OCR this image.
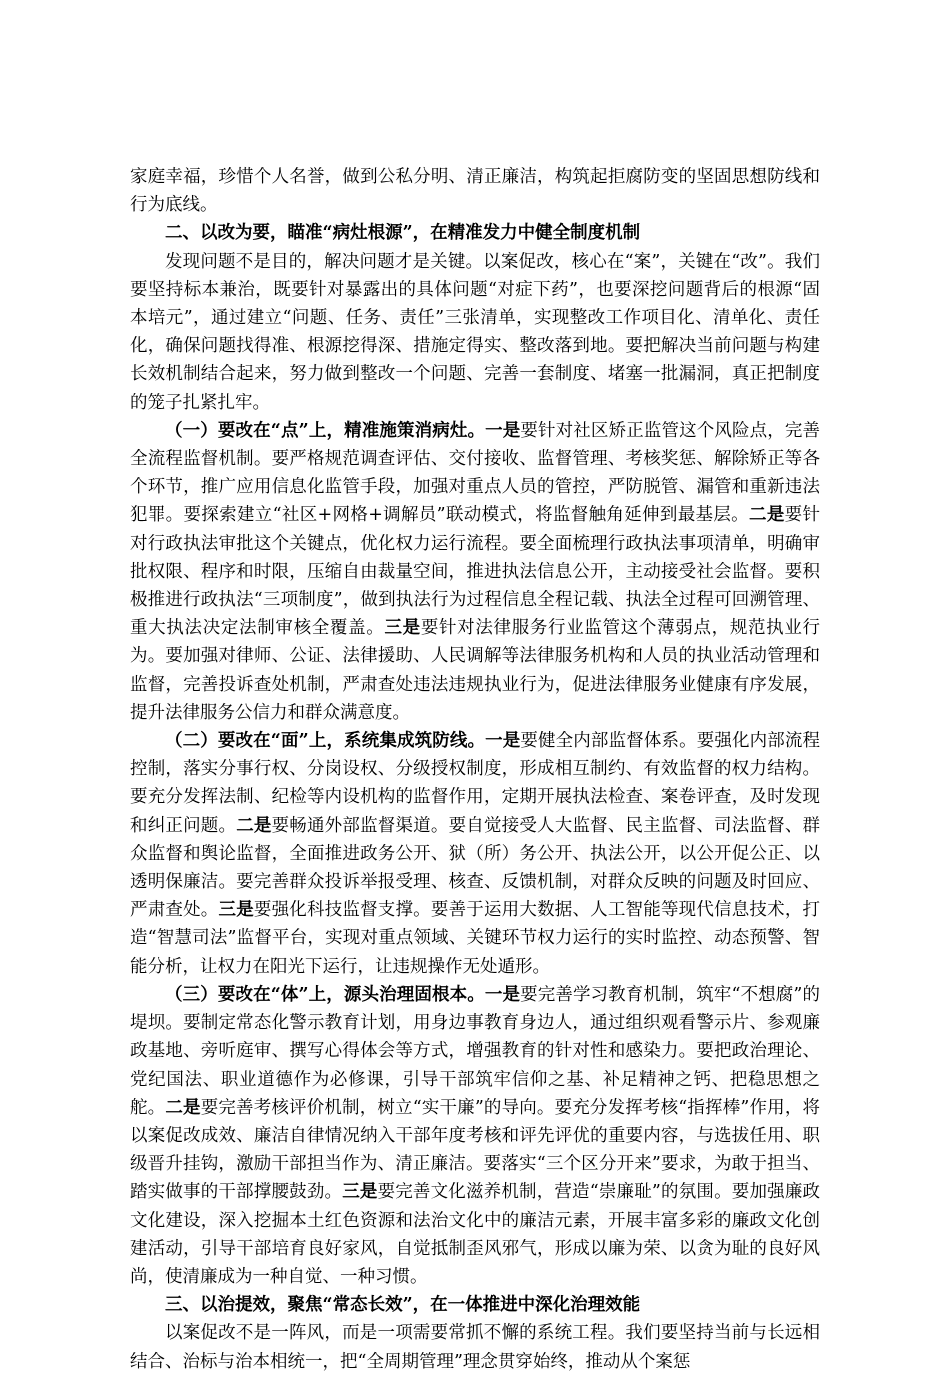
家庭幸福，珍惜个人名誉，做到公私分明、清正廉洁，构筑起拒腐防变的坚固思想防线和行为底线。

二、以改为要，瞄准“病灶根源”，在精准发力中健全制度机制

发现问题不是目的，解决问题才是关键。以案促改，核心在“案”，关键在“改”。我们要坚持标本兼治，既要针对暴露出的具体问题“对症下药”，也要深挖问题背后的根源“固本培元”，通过建立“问题、任务、责任”三张清单，实现整改工作项目化、清单化、责任化，确保问题找得准、根源挖得深、措施定得实、整改落到地。要把解决当前问题与构建长效机制结合起来，努力做到整改一个问题、完善一套制度、堵塞一批漏洞，真正把制度的笼子扎紧扎牢。

（一）要改在“点”上，精准施策消病灶。一是要针对社区矫正监管这个风险点，完善全流程监督机制。要严格规范调查评估、交付接收、监督管理、考核奖惩、解除矫正等各个环节，推广应用信息化监管手段，加强对重点人员的管控，严防脱管、漏管和重新违法犯罪。要探索建立“社区+网格+调解员”联动模式，将监督触角延伸到最基层。二是要针对行政执法审批这个关键点，优化权力运行流程。要全面梳理行政执法事项清单，明确审批权限、程序和时限，压缩自由裁量空间，推进执法信息公开，主动接受社会监督。要积极推进行政执法“三项制度”，做到执法行为过程信息全程记载、执法全过程可回溯管理、重大执法决定法制审核全覆盖。三是要针对法律服务行业监管这个薄弱点，规范执业行为。要加强对律师、公证、法律援助、人民调解等法律服务机构和人员的执业活动管理和监督，完善投诉查处机制，严肃查处违法违规执业行为，促进法律服务业健康有序发展，提升法律服务公信力和群众满意度。

（二）要改在“面”上，系统集成筑防线。一是要健全内部监督体系。要强化内部流程控制，落实分事行权、分岗设权、分级授权制度，形成相互制约、有效监督的权力结构。要充分发挥法制、纪检等内设机构的监督作用，定期开展执法检查、案卷评查，及时发现和纠正问题。二是要畅通外部监督渠道。要自觉接受人大监督、民主监督、司法监督、群众监督和舆论监督，全面推进政务公开、狱（所）务公开、执法公开，以公开促公正、以透明保廉洁。要完善群众投诉举报受理、核查、反馈机制，对群众反映的问题及时回应、严肃查处。三是要强化科技监督支撑。要善于运用大数据、人工智能等现代信息技术，打造“智慧司法”监督平台，实现对重点领域、关键环节权力运行的实时监控、动态预警、智能分析，让权力在阳光下运行，让违规操作无处遁形。

（三）要改在“体”上，源头治理固根本。一是要完善学习教育机制，筑牢“不想腐”的堤坝。要制定常态化警示教育计划，用身边事教育身边人，通过组织观看警示片、参观廉政基地、旁听庭审、撰写心得体会等方式，增强教育的针对性和感染力。要把政治理论、党纪国法、职业道德作为必修课，引导干部筑牢信仰之基、补足精神之钙、把稳思想之舵。二是要完善考核评价机制，树立“实干廉”的导向。要充分发挥考核“指挥棒”作用，将以案促改成效、廉洁自律情况纳入干部年度考核和评先评优的重要内容，与选拔任用、职级晋升挂钩，激励干部担当作为、清正廉洁。要落实“三个区分开来”要求，为敢于担当、踏实做事的干部撑腰鼓劲。三是要完善文化滋养机制，营造“崇廉耻”的氛围。要加强廉政文化建设，深入挖掘本土红色资源和法治文化中的廉洁元素，开展丰富多彩的廉政文化创建活动，引导干部培育良好家风，自觉抵制歪风邪气，形成以廉为荣、以贪为耻的良好风尚，使清廉成为一种自觉、一种习惯。

三、以治提效，聚焦“常态长效”，在一体推进中深化治理效能

以案促改不是一阵风，而是一项需要常抓不懈的系统工程。我们要坚持当前与长远相结合、治标与治本相统一，把“全周期管理”理念贯穿始终，推动从个案惩
